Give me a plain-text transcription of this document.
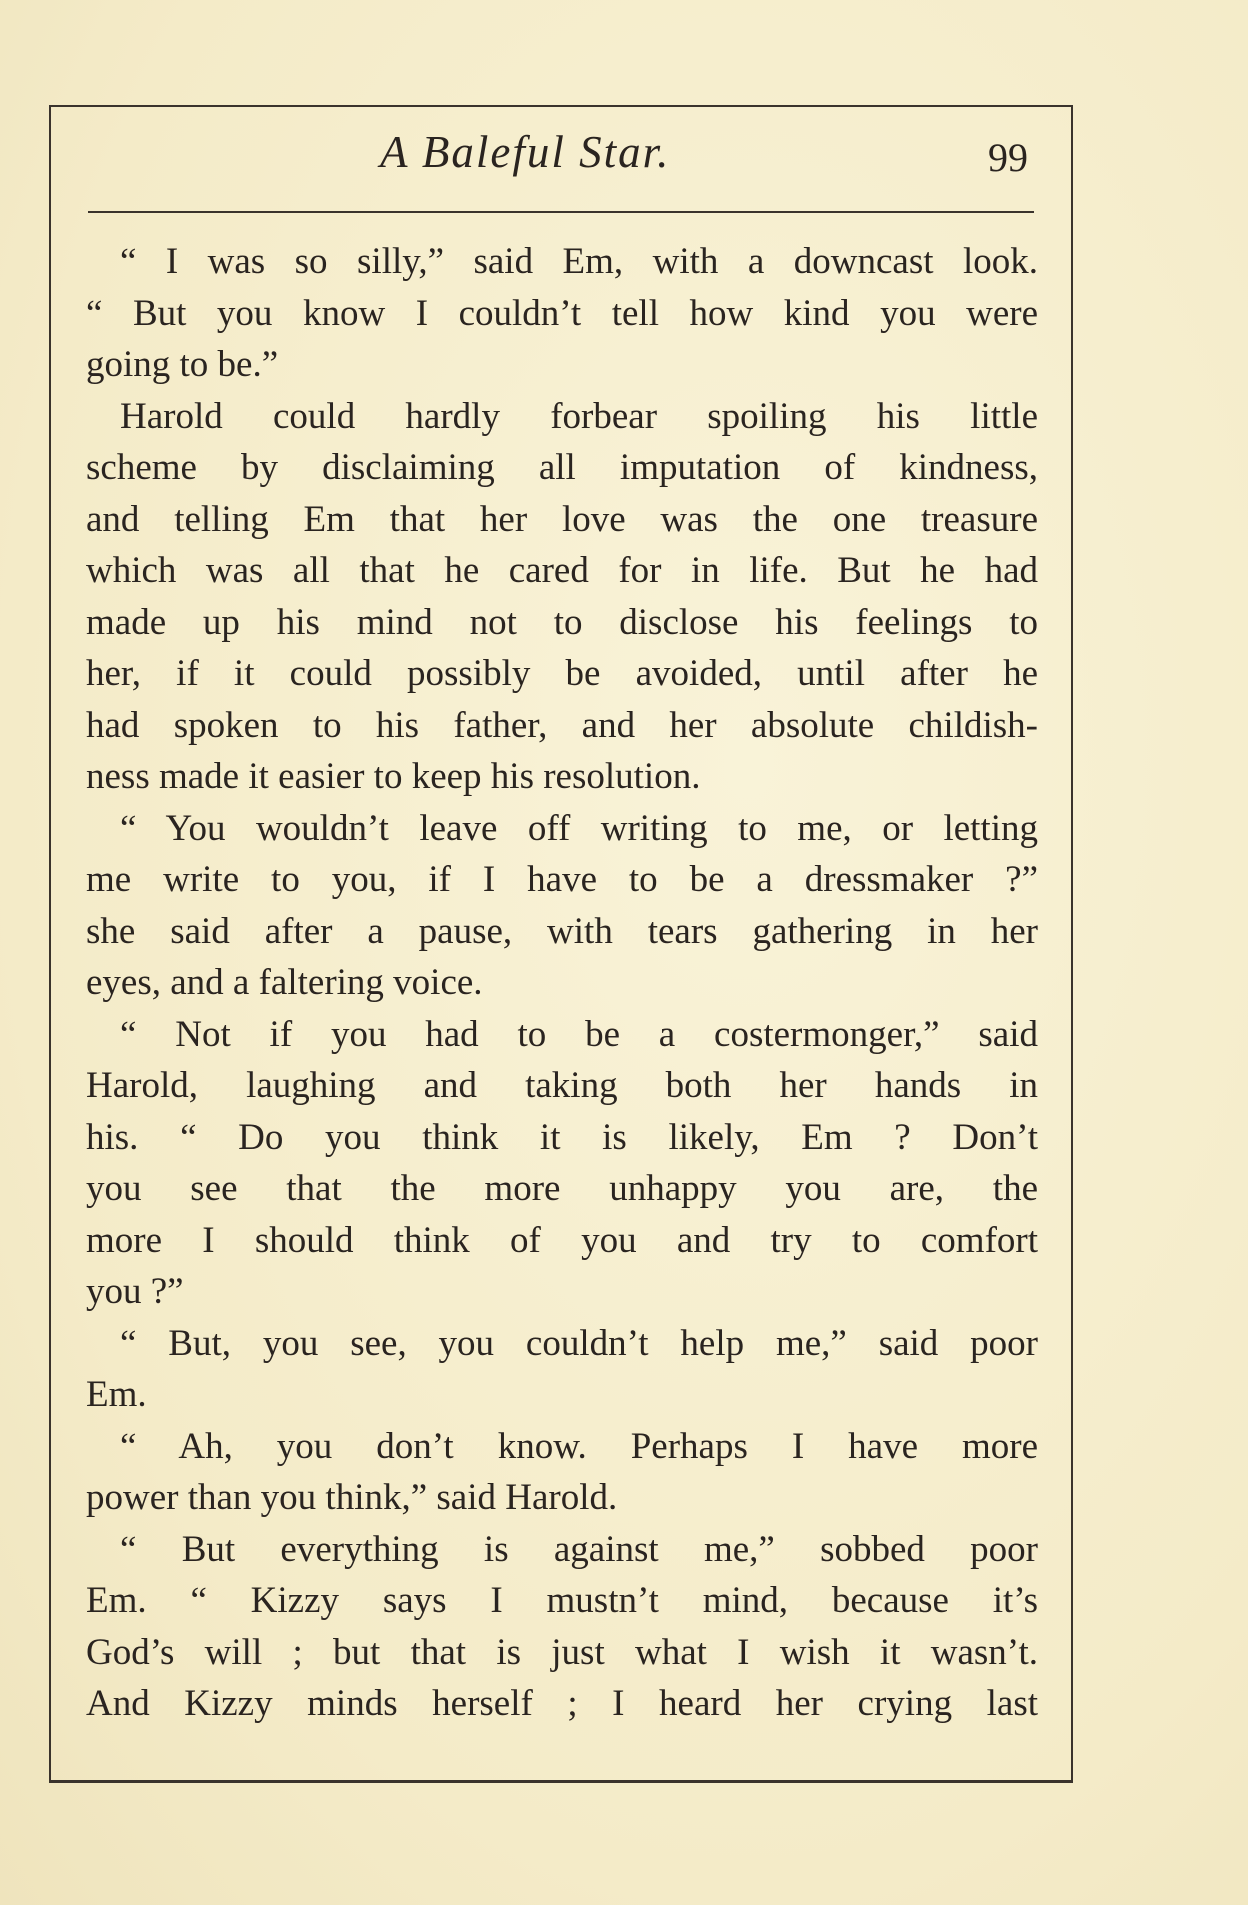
A Baleful Star.	99
“ I was so silly,” said Em, with a downcast look.
“ But you know I couldn’t tell how kind you were
going to be.”
Harold could hardly forbear spoiling his little
scheme by disclaiming all imputation of kindness,
and telling Em that her love was the one treasure
which was all that he cared for in life. But he had
made up his mind not to disclose his feelings to
her, if it could possibly be avoided, until after he
had spoken to his father, and her absolute childish-
ness made it easier to keep his resolution.
“ You wouldn’t leave off writing to me, or letting
me write to you, if I have to be a dressmaker ?”
she said after a pause, with tears gathering in her
eyes, and a faltering voice.
“ Not if you had to be a costermonger,” said
Harold, laughing and taking both her hands in
his. “ Do you think it is likely, Em ? Don’t
you see that the more unhappy you are, the
more I should think of you and try to comfort
you ?”
“ But, you see, you couldn’t help me,” said poor
Em.
“ Ah, you don’t know. Perhaps I have more
power than you think,” said Harold.
“ But everything is against me,” sobbed poor
Em. “ Kizzy says I mustn’t mind, because it’s
God’s will ; but that is just what I wish it wasn’t.
And Kizzy minds herself ; I heard her crying last
